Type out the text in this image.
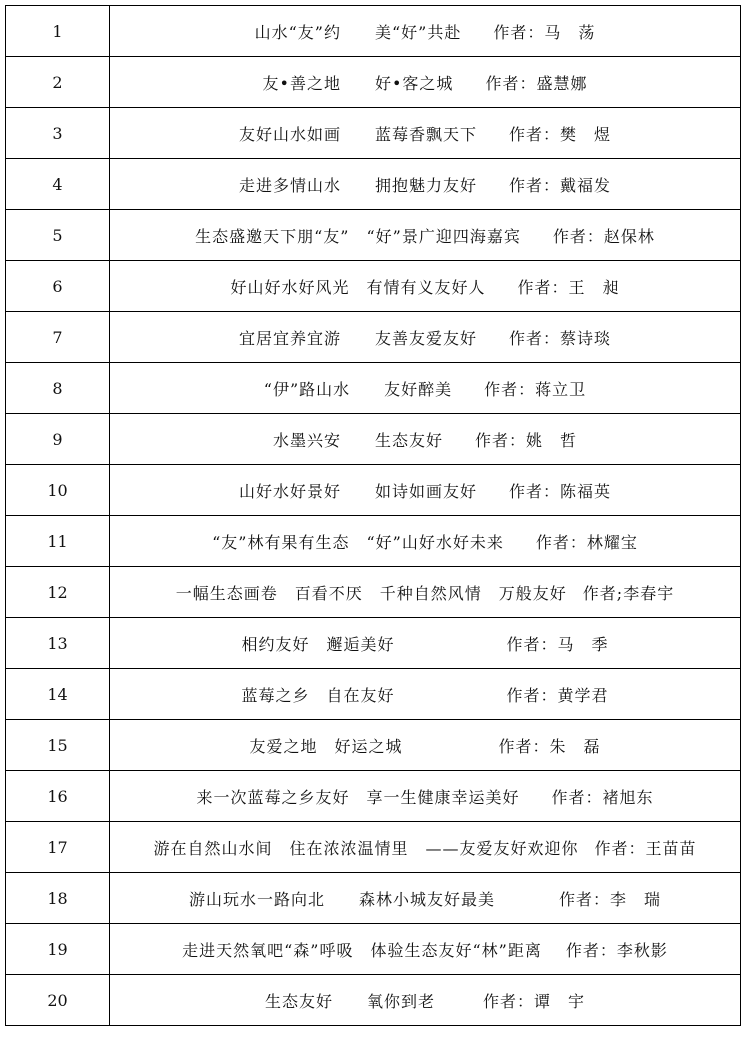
1	山水“友”约　　美“好”共赴 作者：马　荡
2	友•善之地　　好•客之城 作者：盛慧娜
3	友好山水如画　　蓝莓香飘天下 作者：樊　煜
4	走进多情山水　　拥抱魅力友好 作者：戴福发
5	生态盛邀天下朋“友”　“好”景广迎四海嘉宾 作者：赵保林
6	好山好水好风光　有情有义友好人 作者：王　昶
7	宜居宜养宜游　　友善友爱友好 作者：蔡诗琰
8	“伊”路山水　　友好醉美 作者：蒋立卫
9	水墨兴安　　生态友好 作者：姚　哲
10	山好水好景好　　如诗如画友好 作者：陈福英
11	“友”林有果有生态　“好”山好水好未来 作者：林耀宝
12	一幅生态画卷　百看不厌　千种自然风情　万般友好 作者;李春宇
13	相约友好　邂逅美好 作者：马　季
14	蓝莓之乡　自在友好 作者：黄学君
15	友爱之地　好运之城 作者：朱　磊
16	来一次蓝莓之乡友好　享一生健康幸运美好 作者：褚旭东
17	游在自然山水间　住在浓浓温情里　——友爱友好欢迎你 作者：王苗苗
18	游山玩水一路向北　　森林小城友好最美 作者：李　瑞
19	走进天然氧吧“森”呼吸　体验生态友好“林”距离 作者：李秋影
20	生态友好　　氧你到老 作者：谭　宇
